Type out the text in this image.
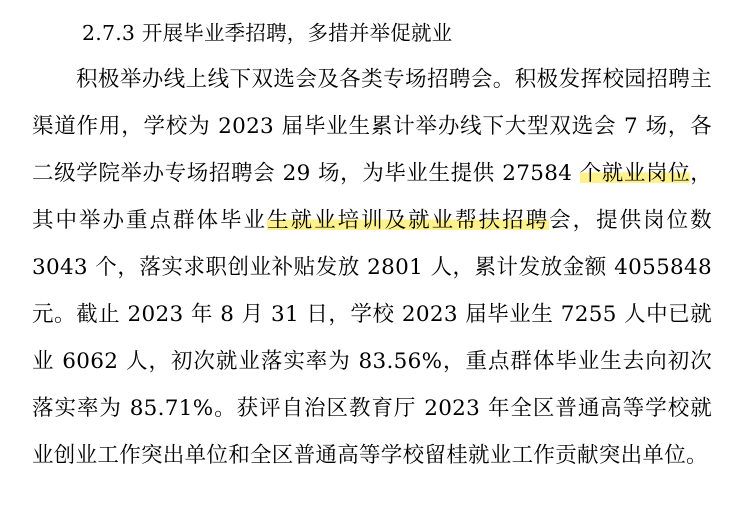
2.7.3 开展毕业季招聘，多措并举促就业

积极举办线上线下双选会及各类专场招聘会。积极发挥校园招聘主渠道作用，学校为 2023 届毕业生累计举办线下大型双选会 7 场，各二级学院举办专场招聘会 29 场，为毕业生提供 27584 个就业岗位，其中举办重点群体毕业生就业培训及就业帮扶招聘会，提供岗位数 3043 个，落实求职创业补贴发放 2801 人，累计发放金额 4055848 元。截止 2023 年 8 月 31 日，学校 2023 届毕业生 7255 人中已就业 6062 人，初次就业落实率为 83.56%，重点群体毕业生去向初次落实率为 85.71%。获评自治区教育厅 2023 年全区普通高等学校就业创业工作突出单位和全区普通高等学校留桂就业工作贡献突出单位。
